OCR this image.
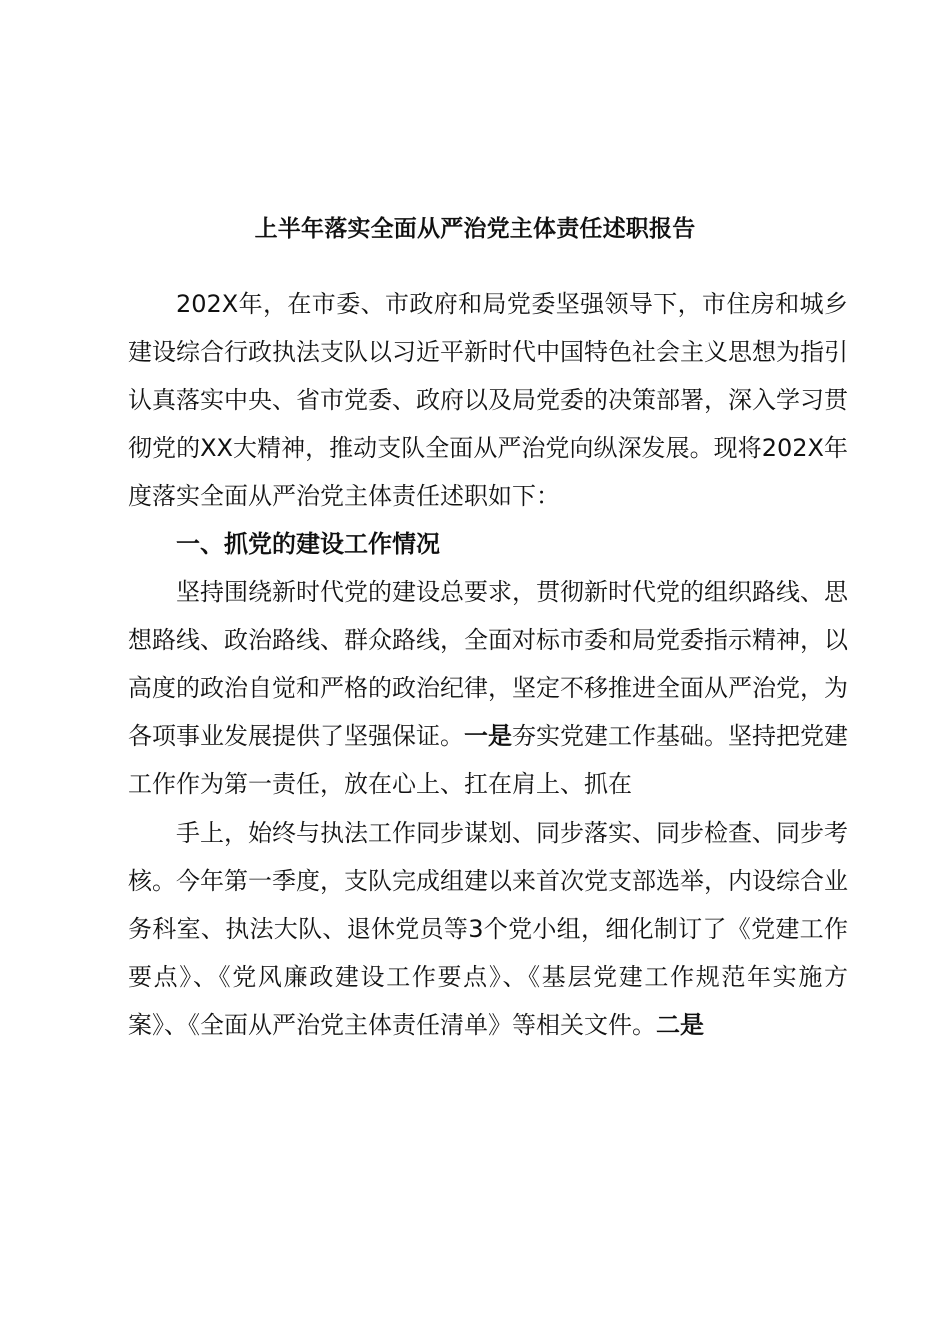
上半年落实全面从严治党主体责任述职报告
202X年，在市委、市政府和局党委坚强领导下，市住房和城乡
建设综合行政执法支队以习近平新时代中国特色社会主义思想为指引
认真落实中央、省市党委、政府以及局党委的决策部署，深入学习贯
彻党的XX大精神，推动支队全面从严治党向纵深发展。现将202X年
度落实全面从严治党主体责任述职如下：
一、抓党的建设工作情况
坚持围绕新时代党的建设总要求，贯彻新时代党的组织路线、思
想路线、政治路线、群众路线，全面对标市委和局党委指示精神，以
高度的政治自觉和严格的政治纪律，坚定不移推进全面从严治党，为
各项事业发展提供了坚强保证。一是夯实党建工作基础。坚持把党建
工作作为第一责任，放在心上、扛在肩上、抓在
手上，始终与执法工作同步谋划、同步落实、同步检查、同步考
核。今年第一季度，支队完成组建以来首次党支部选举，内设综合业
务科室、执法大队、退休党员等3个党小组，细化制订了《党建工作
要点》、《党风廉政建设工作要点》、《基层党建工作规范年实施方
案》、《全面从严治党主体责任清单》等相关文件。二是
